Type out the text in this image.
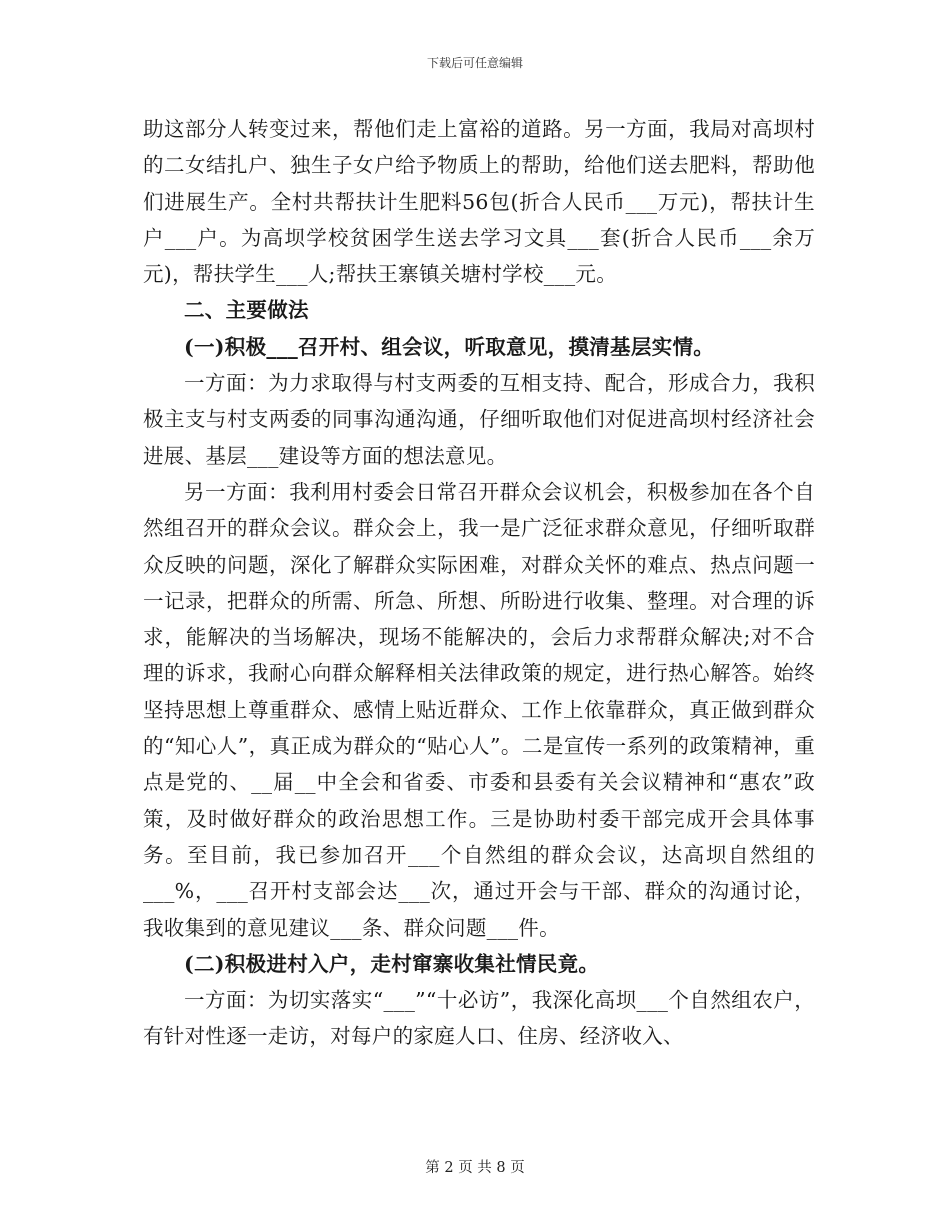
下载后可任意编辑

助这部分人转变过来，帮他们走上富裕的道路。另一方面，我局对高坝村的二女结扎户、独生子女户给予物质上的帮助，给他们送去肥料，帮助他们进展生产。全村共帮扶计生肥料56包(折合人民币___万元)，帮扶计生户___户。为高坝学校贫困学生送去学习文具___套(折合人民币___余万元)，帮扶学生___人;帮扶王寨镇关塘村学校___元。

二、主要做法

(一)积极___召开村、组会议，听取意见，摸清基层实情。

一方面：为力求取得与村支两委的互相支持、配合，形成合力，我积极主支与村支两委的同事沟通沟通，仔细听取他们对促进高坝村经济社会进展、基层___建设等方面的想法意见。

另一方面：我利用村委会日常召开群众会议机会，积极参加在各个自然组召开的群众会议。群众会上，我一是广泛征求群众意见，仔细听取群众反映的问题，深化了解群众实际困难，对群众关怀的难点、热点问题一一记录，把群众的所需、所急、所想、所盼进行收集、整理。对合理的诉求，能解决的当场解决，现场不能解决的，会后力求帮群众解决;对不合理的诉求，我耐心向群众解释相关法律政策的规定，进行热心解答。始终坚持思想上尊重群众、感情上贴近群众、工作上依靠群众，真正做到群众的“知心人”，真正成为群众的“贴心人”。二是宣传一系列的政策精神，重点是党的、__届__中全会和省委、市委和县委有关会议精神和“惠农”政策，及时做好群众的政治思想工作。三是协助村委干部完成开会具体事务。至目前，我已参加召开___个自然组的群众会议，达高坝自然组的___%，___召开村支部会达___次，通过开会与干部、群众的沟通讨论，我收集到的意见建议___条、群众问题___件。

(二)积极进村入户，走村窜寨收集社情民竟。

一方面：为切实落实“___”“十必访”，我深化高坝___个自然组农户，有针对性逐一走访，对每户的家庭人口、住房、经济收入、

第 2 页 共 8 页
